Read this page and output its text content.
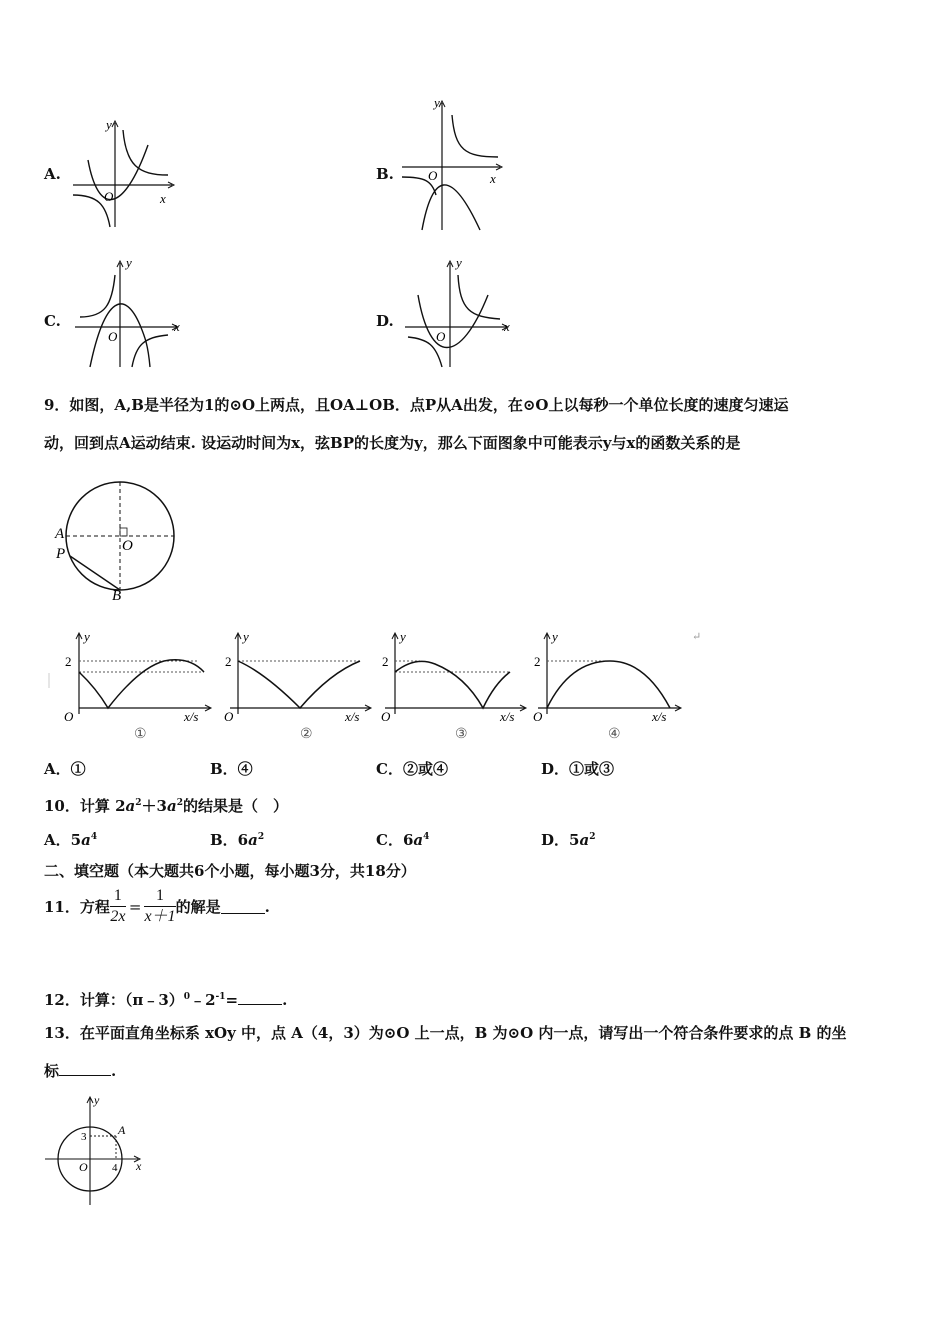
A.
y
x
O
B.
y
x
O
C.
y
x
O
D.
y
x
O
9．如图，A,B是半径为1的⊙O上两点，且OA⊥OB．点P从A出发，在⊙O上以每秒一个单位长度的速度匀速运
动，回到点A运动结束. 设运动时间为x，弦BP的长度为y，那么下面图象中可能表示y与x的函数关系的是
A
P	O
B
y
2
O	x/s
①
y
2
O	x/s
②
y
2
O	x/s
③
y
2
O	x/s
④
↵
A．①	B．④	C．②或④	D．①或③
10．计算 $2a^2+3a^2$的结果是（　）
A．$5a^4$	B．$6a^2$	C．$6a^4$	D．$5a^2$
二、填空题（本大题共6个小题，每小题3分，共18分）
11．方程 $\frac{1}{2x} = \frac{1}{x+1}$ 的解是	.
12．计算：$(\pi﹣3)^0﹣2^{-1}=$	.
13．在平面直角坐标系 xOy 中，点 A（4，3）为⊙O 上一点，B 为⊙O 内一点，请写出一个符合条件要求的点 B 的坐
标	.
y
x
O
A
3
4
